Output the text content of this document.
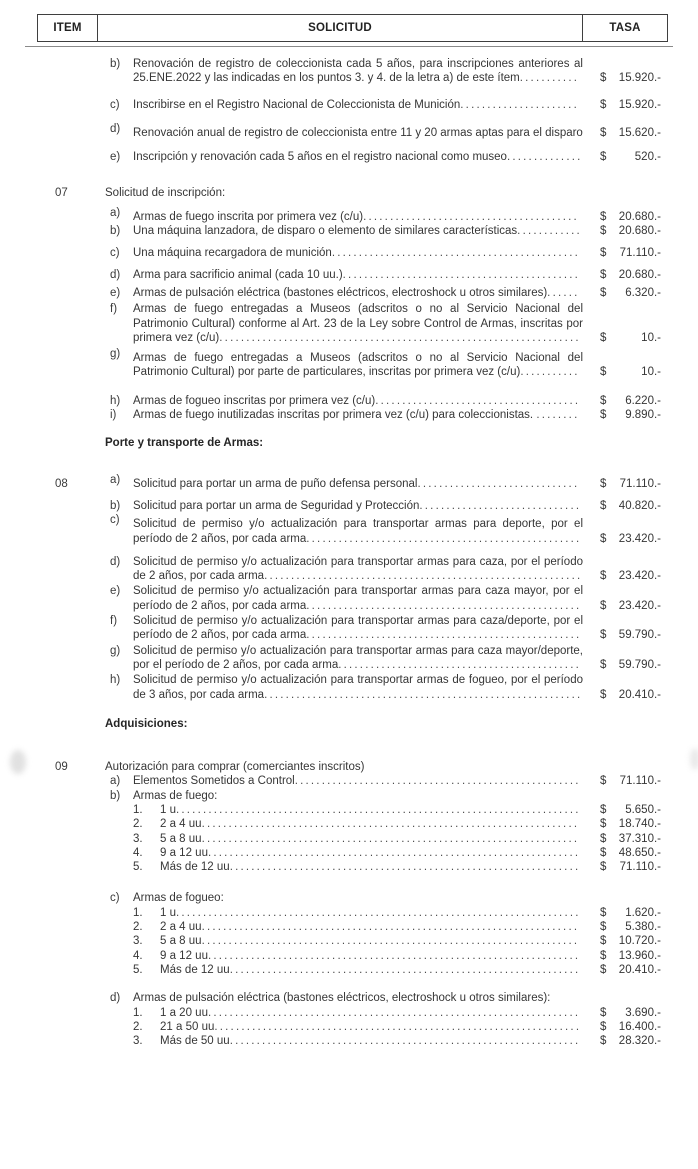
ITEM	SOLICITUD	TASA
b)	Renovación de registro de coleccionista cada 5 años, para inscripciones anteriores al 25.ENE.2022 y las indicadas en los puntos 3. y 4. de la letra a) de este ítem...........	$ 15.920.-
c)	Inscribirse en el Registro Nacional de Coleccionista de Munición......................	$ 15.920.-
d)	Renovación anual de registro de coleccionista entre 11 y 20 armas aptas para el disparo $ 15.620.-
e)	Inscripción y renovación cada 5 años en el registro nacional como museo.............. $ 520.-
07	Solicitud de inscripción:
a)	Armas de fuego inscrita por primera vez (c/u)........................................	$ 20.680.-
b)	Una máquina lanzadora, de disparo o elemento de similares características............ $ 20.680.-
c)	Una máquina recargadora de munición.............................................. $ 71.110.-
d)	Arma para sacrificio animal (cada 10 uu.)............................................ $ 20.680.-
e)	Armas de pulsación eléctrica (bastones eléctricos, electroshock u otros similares)......	$ 6.320.-
f)	Armas de fuego entregadas a Museos (adscritos o no al Servicio Nacional del Patrimonio Cultural) conforme al Art. 23 de la Ley sobre Control de Armas, inscritas por primera vez (c/u)................................................................... $	10.-
g)	Armas de fuego entregadas a Museos (adscritos o no al Servicio Nacional del Patrimonio Cultural) por parte de particulares, inscritas por primera vez (c/u)........... $	10.-
h)	Armas de fogueo inscritas por primera vez (c/u)...................................... $ 6.220.-
i)	Armas de fuego inutilizadas inscritas por primera vez (c/u) para coleccionistas. ........	$ 9.890.-
Porte y transporte de Armas:
08	a)	Solicitud para portar un arma de puño defensa personal..............................	$ 71.110.-
b)	Solicitud para portar un arma de Seguridad y Protección.............................. $ 40.820.-
c)	Solicitud de permiso y/o actualización para transportar armas para deporte, por el período de 2 años, por cada arma................................................... $ 23.420.-
d)	Solicitud de permiso y/o actualización para transportar armas para caza, por el período de 2 años, por cada arma........................................................... $ 23.420.-
e)	Solicitud de permiso y/o actualización para transportar armas para caza mayor, por el período de 2 años, por cada arma................................................... $ 23.420.-
f)	Solicitud de permiso y/o actualización para transportar armas para caza/deporte, por el período de 2 años, por cada arma................................................... $ 59.790.-
g)	Solicitud de permiso y/o actualización para transportar armas para caza mayor/deporte, por el período de 2 años, por cada arma............................................. $ 59.790.-
h)	Solicitud de permiso y/o actualización para transportar armas de fogueo, por el período de 3 años, por cada arma........................................................... $ 20.410.-
Adquisiciones:
09	Autorización para comprar (comerciantes inscritos)
a)	Elementos Sometidos a Control..................................................... $ 71.110.-
b)	Armas de fuego:
1. 1 u........................................................................... $ 5.650.-
2. 2 a 4 uu......................................................................	$ 18.740.-
3. 5 a 8 uu......................................................................	$ 37.310.-
4. 9 a 12 uu..................................................................... $ 48.650.-
5. Más de 12 uu................................................................. $ 71.110.-
c)	Armas de fogueo:
1. 1 u........................................................................... $ 1.620.-
2. 2 a 4 uu......................................................................	$ 5.380.-
3. 5 a 8 uu......................................................................	$ 10.720.-
4. 9 a 12 uu..................................................................... $ 13.960.-
5. Más de 12 uu................................................................. $ 20.410.-
d)	Armas de pulsación eléctrica (bastones eléctricos, electroshock u otros similares):
1. 1 a 20 uu..................................................................... $ 3.690.-
2. 21 a 50 uu.................................................................... $ 16.400.-
3. Más de 50 uu................................................................. $ 28.320.-
